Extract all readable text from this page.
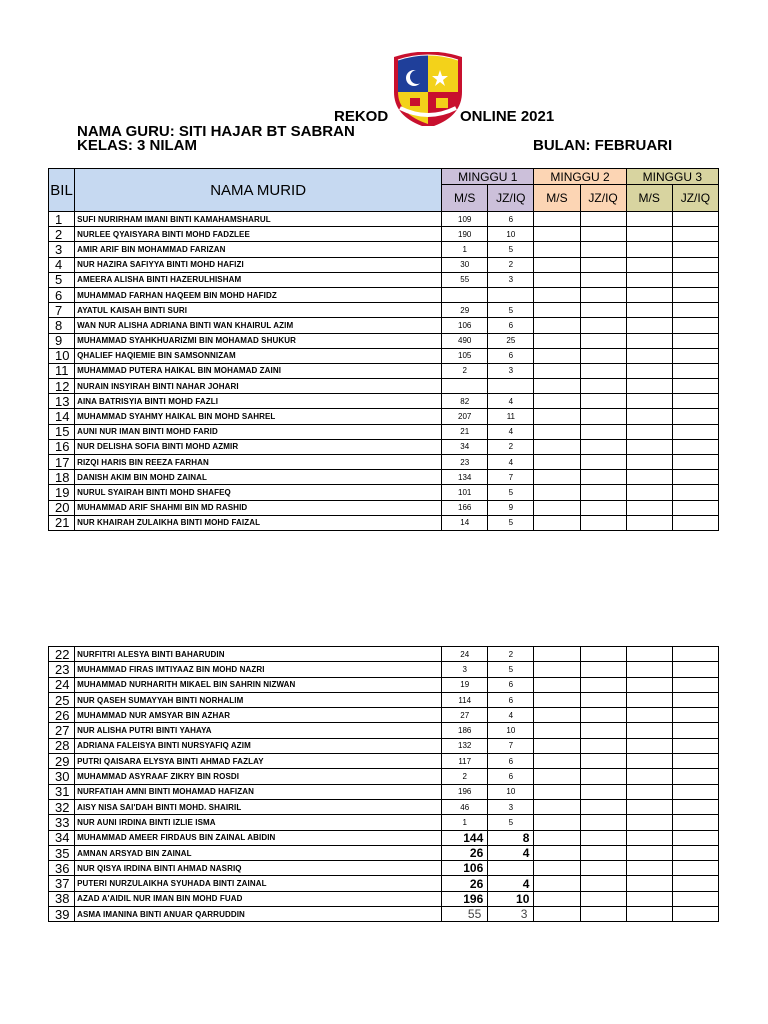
REKOD	ONLINE 2021
NAMA GURU: SITI HAJAR BT SABRAN
KELAS: 3 NILAM	BULAN: FEBRUARI
BIL	NAMA MURID	MINGGU 1		MINGGU 2		MINGGU 3	
		M/S	JZ/IQ	M/S	JZ/IQ	M/S	JZ/IQ
1	SUFI NURIRHAM IMANI BINTI KAMAHAMSHARUL	109	6				
2	NURLEE QYAISYARA BINTI MOHD FADZLEE	190	10				
3	AMIR ARIF BIN MOHAMMAD FARIZAN	1	5				
4	NUR HAZIRA SAFIYYA BINTI MOHD HAFIZI	30	2				
5	AMEERA ALISHA BINTI HAZERULHISHAM	55	3				
6	MUHAMMAD FARHAN HAQEEM BIN MOHD HAFIDZ						
7	AYATUL KAISAH BINTI SURI	29	5				
8	WAN NUR ALISHA ADRIANA BINTI WAN KHAIRUL AZIM	106	6				
9	MUHAMMAD SYAHKHUARIZMI BIN MOHAMAD SHUKUR	490	25				
10	QHALIEF HAQIEMIE BIN SAMSONNIZAM	105	6				
11	MUHAMMAD PUTERA HAIKAL BIN MOHAMAD ZAINI	2	3				
12	NURAIN INSYIRAH BINTI NAHAR JOHARI						
13	AINA BATRISYIA BINTI MOHD FAZLI	82	4				
14	MUHAMMAD SYAHMY HAIKAL BIN MOHD SAHREL	207	11				
15	AUNI NUR IMAN BINTI MOHD FARID	21	4				
16	NUR DELISHA SOFIA BINTI MOHD AZMIR	34	2				
17	RIZQI HARIS BIN REEZA FARHAN	23	4				
18	DANISH AKIM BIN MOHD ZAINAL	134	7				
19	NURUL SYAIRAH BINTI MOHD SHAFEQ	101	5				
20	MUHAMMAD ARIF SHAHMI BIN MD RASHID	166	9				
21	NUR KHAIRAH ZULAIKHA BINTI MOHD FAIZAL	14	5				
22	NURFITRI ALESYA BINTI BAHARUDIN	24	2				
23	MUHAMMAD FIRAS IMTIYAAZ BIN MOHD NAZRI	3	5				
24	MUHAMMAD NURHARITH MIKAEL BIN SAHRIN NIZWAN	19	6				
25	NUR QASEH SUMAYYAH BINTI NORHALIM	114	6				
26	MUHAMMAD NUR AMSYAR BIN AZHAR	27	4				
27	NUR ALISHA PUTRI BINTI YAHAYA	186	10				
28	ADRIANA FALEISYA BINTI NURSYAFIQ AZIM	132	7				
29	PUTRI QAISARA ELYSYA BINTI AHMAD FAZLAY	117	6				
30	MUHAMMAD ASYRAAF ZIKRY BIN ROSDI	2	6				
31	NURFATIAH AMNI BINTI MOHAMAD HAFIZAN	196	10				
32	AISY NISA SAI'DAH BINTI MOHD. SHAIRIL	46	3				
33	NUR AUNI IRDINA BINTI IZLIE ISMA	1	5				
34	MUHAMMAD AMEER FIRDAUS BIN ZAINAL ABIDIN	144	8				
35	AMNAN ARSYAD BIN ZAINAL	26	4				
36	NUR QISYA IRDINA BINTI AHMAD NASRIQ	106					
37	PUTERI NURZULAIKHA SYUHADA BINTI ZAINAL	26	4				
38	AZAD A'AIDIL NUR IMAN BIN MOHD FUAD	196	10				
39	ASMA IMANINA BINTI ANUAR QARRUDDIN	55	3				
